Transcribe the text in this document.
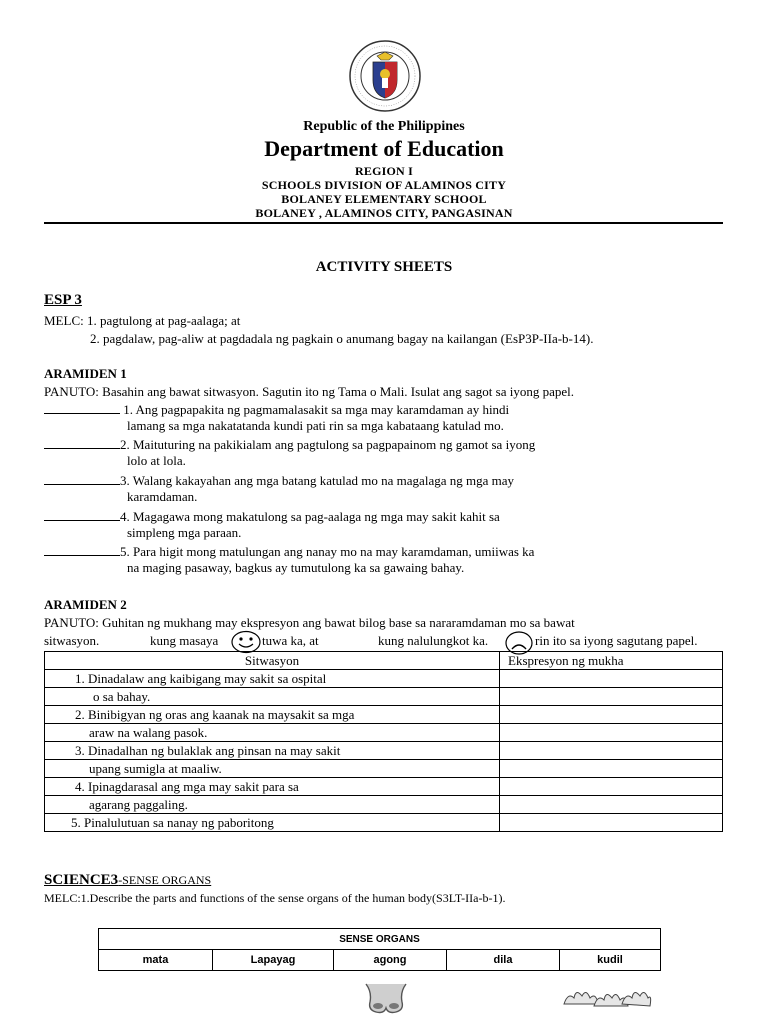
Republic of the Philippines
Department of Education
REGION I
SCHOOLS DIVISION OF ALAMINOS CITY
BOLANEY ELEMENTARY SCHOOL
BOLANEY , ALAMINOS CITY, PANGASINAN
ACTIVITY SHEETS
ESP 3
MELC: 1. pagtulong at pag-aalaga; at
2. pagdalaw, pag-aliw at pagdadala ng pagkain o anumang bagay na kailangan (EsP3P-IIa-b-14).
ARAMIDEN 1
PANUTO: Basahin ang bawat sitwasyon. Sagutin ito ng Tama o Mali. Isulat ang sagot sa iyong papel.
1. Ang pagpapakita ng pagmamalasakit sa mga may karamdaman ay hindi
lamang sa mga nakatatanda kundi pati rin sa mga kabataang katulad mo.
2. Maituturing na pakikialam ang pagtulong sa pagpapainom ng gamot sa iyong
lolo at lola.
3. Walang kakayahan ang mga batang katulad mo na magalaga ng mga may
karamdaman.
4. Magagawa mong makatulong sa pag-aalaga ng mga may sakit kahit sa
simpleng mga paraan.
5. Para higit mong matulungan ang nanay mo na may karamdaman, umiiwas ka
na maging pasaway, bagkus ay tumutulong ka sa gawaing bahay.
ARAMIDEN 2
PANUTO: Guhitan ng mukhang may ekspresyon ang bawat bilog base sa nararamdaman mo sa bawat
sitwasyon.	kung masaya	tuwa ka, at	kung nalulungkot ka.	rin ito sa iyong sagutang papel.
Sitwasyon	Ekspresyon ng mukha
1. Dinadalaw ang kaibigang may sakit sa ospital	
o sa bahay.	
2. Binibigyan ng oras ang kaanak na maysakit sa mga	
araw na walang pasok.	
3. Dinadalhan ng bulaklak ang pinsan na may sakit	
upang sumigla at maaliw.	
4. Ipinagdarasal ang mga may sakit para sa	
agarang paggaling.	
5. Pinalulutuan sa nanay ng paboritong	
SCIENCE3-SENSE ORGANS
MELC:1.Describe the parts and functions of the sense organs of the human body(S3LT-IIa-b-1).
SENSE ORGANS
mata	Lapayag	agong	dila	kudil
